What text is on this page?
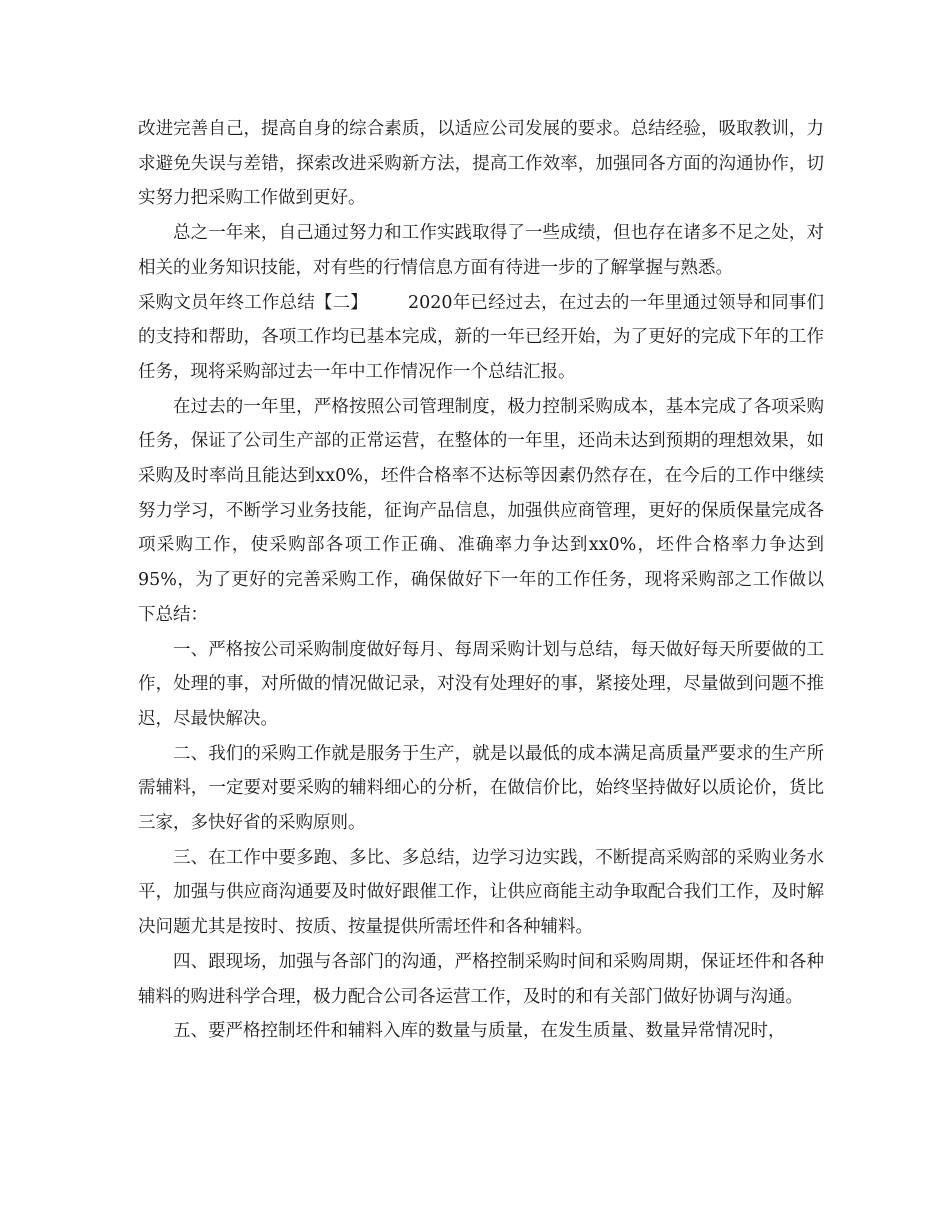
改进完善自己，提高自身的综合素质，以适应公司发展的要求。总结经验，吸取教训，力求避免失误与差错，探索改进采购新方法，提高工作效率，加强同各方面的沟通协作，切实努力把采购工作做到更好。

总之一年来，自己通过努力和工作实践取得了一些成绩，但也存在诸多不足之处，对相关的业务知识技能，对有些的行情信息方面有待进一步的了解掌握与熟悉。

采购文员年终工作总结【二】 2020年已经过去，在过去的一年里通过领导和同事们的支持和帮助，各项工作均已基本完成，新的一年已经开始，为了更好的完成下年的工作任务，现将采购部过去一年中工作情况作一个总结汇报。

在过去的一年里，严格按照公司管理制度，极力控制采购成本，基本完成了各项采购任务，保证了公司生产部的正常运营，在整体的一年里，还尚未达到预期的理想效果，如采购及时率尚且能达到xx0%，坯件合格率不达标等因素仍然存在，在今后的工作中继续努力学习，不断学习业务技能，征询产品信息，加强供应商管理，更好的保质保量完成各项采购工作，使采购部各项工作正确、准确率力争达到xx0%，坯件合格率力争达到95%，为了更好的完善采购工作，确保做好下一年的工作任务，现将采购部之工作做以下总结：

一、严格按公司采购制度做好每月、每周采购计划与总结，每天做好每天所要做的工作，处理的事，对所做的情况做记录，对没有处理好的事，紧接处理，尽量做到问题不推迟，尽最快解决。

二、我们的采购工作就是服务于生产，就是以最低的成本满足高质量严要求的生产所需辅料，一定要对要采购的辅料细心的分析，在做信价比，始终坚持做好以质论价，货比三家，多快好省的采购原则。

三、在工作中要多跑、多比、多总结，边学习边实践，不断提高采购部的采购业务水平，加强与供应商沟通要及时做好跟催工作，让供应商能主动争取配合我们工作，及时解决问题尤其是按时、按质、按量提供所需坯件和各种辅料。

四、跟现场，加强与各部门的沟通，严格控制采购时间和采购周期，保证坯件和各种辅料的购进科学合理，极力配合公司各运营工作，及时的和有关部门做好协调与沟通。

五、要严格控制坯件和辅料入库的数量与质量，在发生质量、数量异常情况时，
